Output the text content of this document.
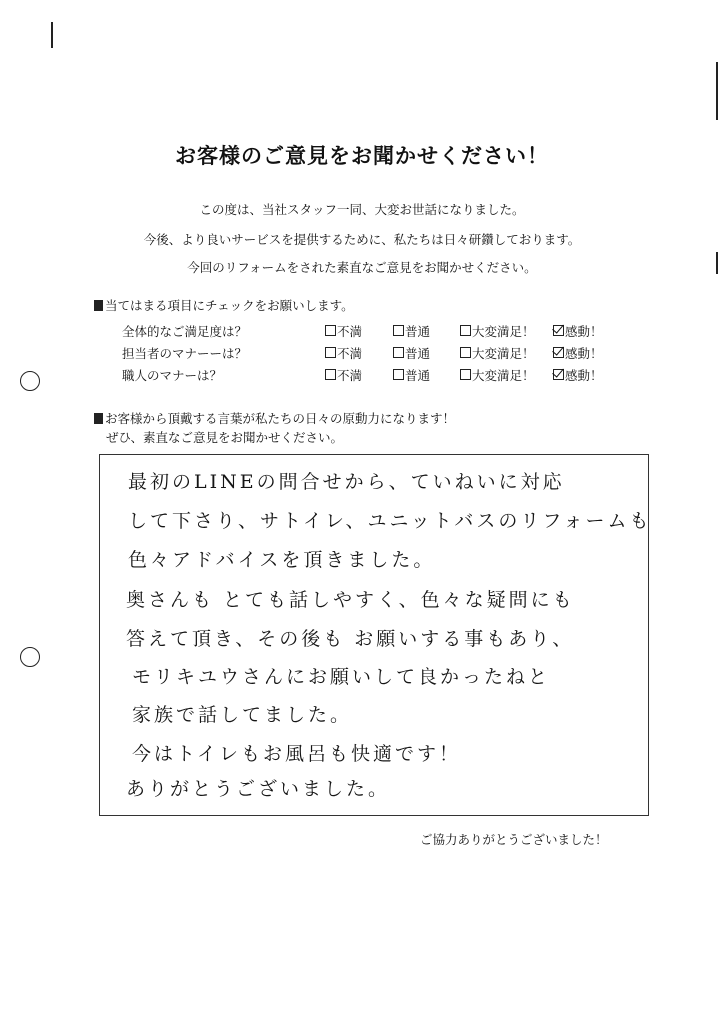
お客様のご意見をお聞かせください！
この度は、当社スタッフ一同、大変お世話になりました。
今後、より良いサービスを提供するために、私たちは日々研鑽しております。
今回のリフォームをされた素直なご意見をお聞かせください。
当てはまる項目にチェックをお願いします。
全体的なご満足度は？	不満	普通	大変満足！	感動！
担当者のマナーーは？	不満	普通	大変満足！	感動！
職人のマナーは？	不満	普通	大変満足！	感動！
お客様から頂戴する言葉が私たちの日々の原動力になります！
ぜひ、素直なご意見をお聞かせください。
最初のLINEの問合せから、ていねいに対応
して下さり、サトイレ、ユニットバスのリフォームも
色々アドバイスを頂きました。
奥さんも とても話しやすく、色々な疑問にも
答えて頂き、その後も お願いする事もあり、
モリキユウさんにお願いして良かったねと
家族で話してました。
今はトイレもお風呂も快適です！
ありがとうございました。
ご協力ありがとうございました！
